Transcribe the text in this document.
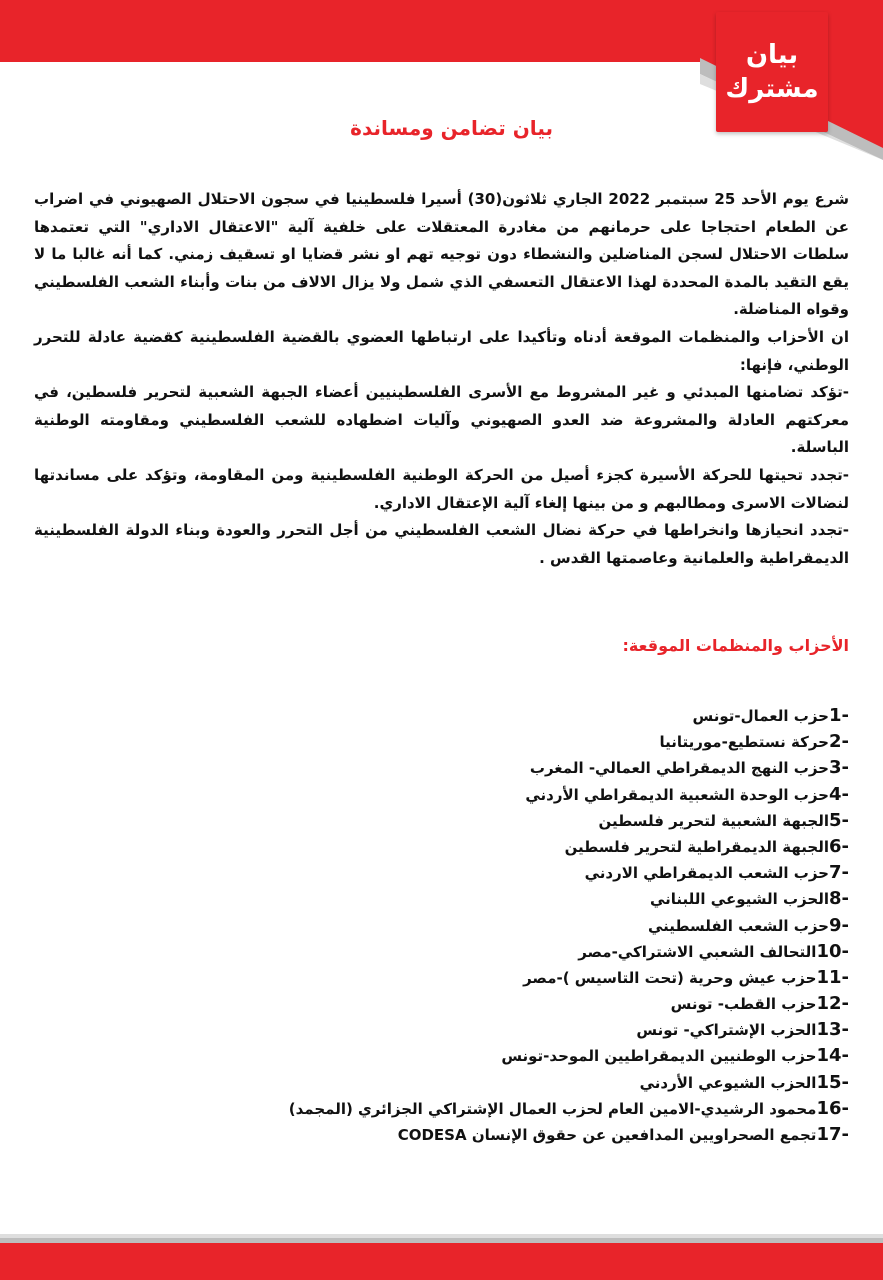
بيان
مشترك
بيان تضامن ومساندة

شرع يوم الأحد 25 سبتمبر 2022 الجاري ثلاثون(30) أسيرا فلسطينيا في سجون الاحتلال الصهيوني في اضراب عن الطعام احتجاجا على حرمانهم من مغادرة المعتقلات على خلفية آلية "الاعتقال الاداري" التي تعتمدها سلطات الاحتلال لسجن المناضلين والنشطاء دون توجيه تهم او نشر قضايا او تسقيف زمني. كما أنه غالبا ما لا يقع التقيد بالمدة المحددة لهذا الاعتقال التعسفي الذي شمل ولا يزال الالاف من بنات وأبناء الشعب الفلسطيني وقواه المناضلة.

ان الأحزاب والمنظمات الموقعة أدناه وتأكيدا على ارتباطها العضوي بالقضية الفلسطينية كقضية عادلة للتحرر الوطني، فإنها:

-تؤكد تضامنها المبدئي و غير المشروط مع الأسرى الفلسطينيين أعضاء الجبهة الشعبية لتحرير فلسطين، في معركتهم العادلة والمشروعة ضد العدو الصهيوني وآليات اضطهاده للشعب الفلسطيني ومقاومته الوطنية الباسلة.

-تجدد تحيتها للحركة الأسيرة كجزء أصيل من الحركة الوطنية الفلسطينية ومن المقاومة، وتؤكد على مساندتها لنضالات الاسرى ومطالبهم و من بينها إلغاء آلية الإعتقال الاداري.

-تجدد انحيازها وانخراطها في حركة نضال الشعب الفلسطيني من أجل التحرر والعودة وبناء الدولة الفلسطينية الديمقراطية والعلمانية وعاصمتها القدس .

الأحزاب والمنظمات الموقعة:
-1
حزب العمال-تونس
-2
حركة نستطيع-موريتانيا
-3
حزب النهج الديمقراطي العمالي- المغرب
-4
حزب الوحدة الشعبية الديمقراطي الأردني
-5
الجبهة الشعبية لتحرير فلسطين
-6
الجبهة الديمقراطية لتحرير فلسطين
-7
حزب الشعب الديمقراطي الاردني
-8
الحزب الشيوعي اللبناني
-9
حزب الشعب الفلسطيني
-10
التحالف الشعبي الاشتراكي-مصر
-11
حزب عيش وحرية (تحت التاسيس )-مصر
-12
حزب القطب- تونس
-13
الحزب الإشتراكي- تونس
-14
حزب الوطنيين الديمقراطيين الموحد-تونس
-15
الحزب الشيوعي الأردني
-16
محمود الرشيدي-الامين العام لحزب العمال الإشتراكي الجزائري (المجمد)
-17
تجمع الصحراويين المدافعين عن حقوق الإنسان CODESA
